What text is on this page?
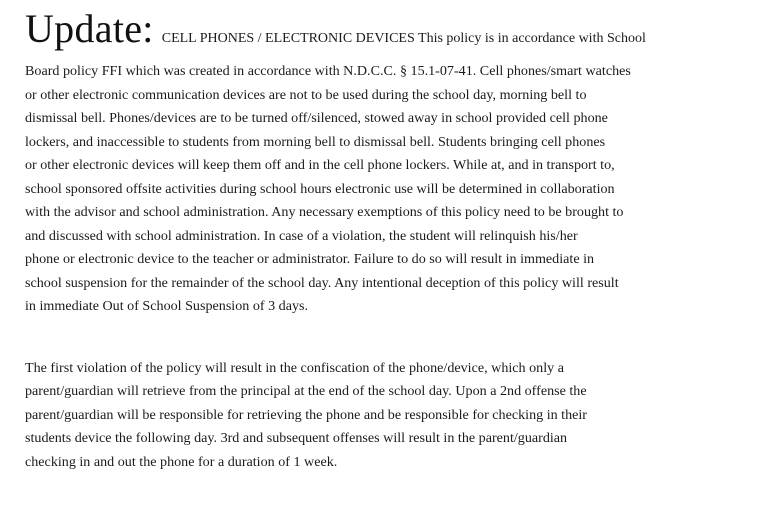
Update: CELL PHONES / ELECTRONIC DEVICES This policy is in accordance with School

Board policy FFI which was created in accordance with N.D.C.C. § 15.1-07-41. Cell phones/smart watches
or other electronic communication devices are not to be used during the school day, morning bell to
dismissal bell. Phones/devices are to be turned off/silenced, stowed away in school provided cell phone
lockers, and inaccessible to students from morning bell to dismissal bell. Students bringing cell phones
or other electronic devices will keep them off and in the cell phone lockers. While at, and in transport to,
school sponsored offsite activities during school hours electronic use will be determined in collaboration
with the advisor and school administration. Any necessary exemptions of this policy need to be brought to
and discussed with school administration. In case of a violation, the student will relinquish his/her
phone or electronic device to the teacher or administrator. Failure to do so will result in immediate in
school suspension for the remainder of the school day. Any intentional deception of this policy will result
in immediate Out of School Suspension of 3 days.

The first violation of the policy will result in the confiscation of the phone/device, which only a
parent/guardian will retrieve from the principal at the end of the school day. Upon a 2nd offense the
parent/guardian will be responsible for retrieving the phone and be responsible for checking in their
students device the following day. 3rd and subsequent offenses will result in the parent/guardian
checking in and out the phone for a duration of 1 week.
